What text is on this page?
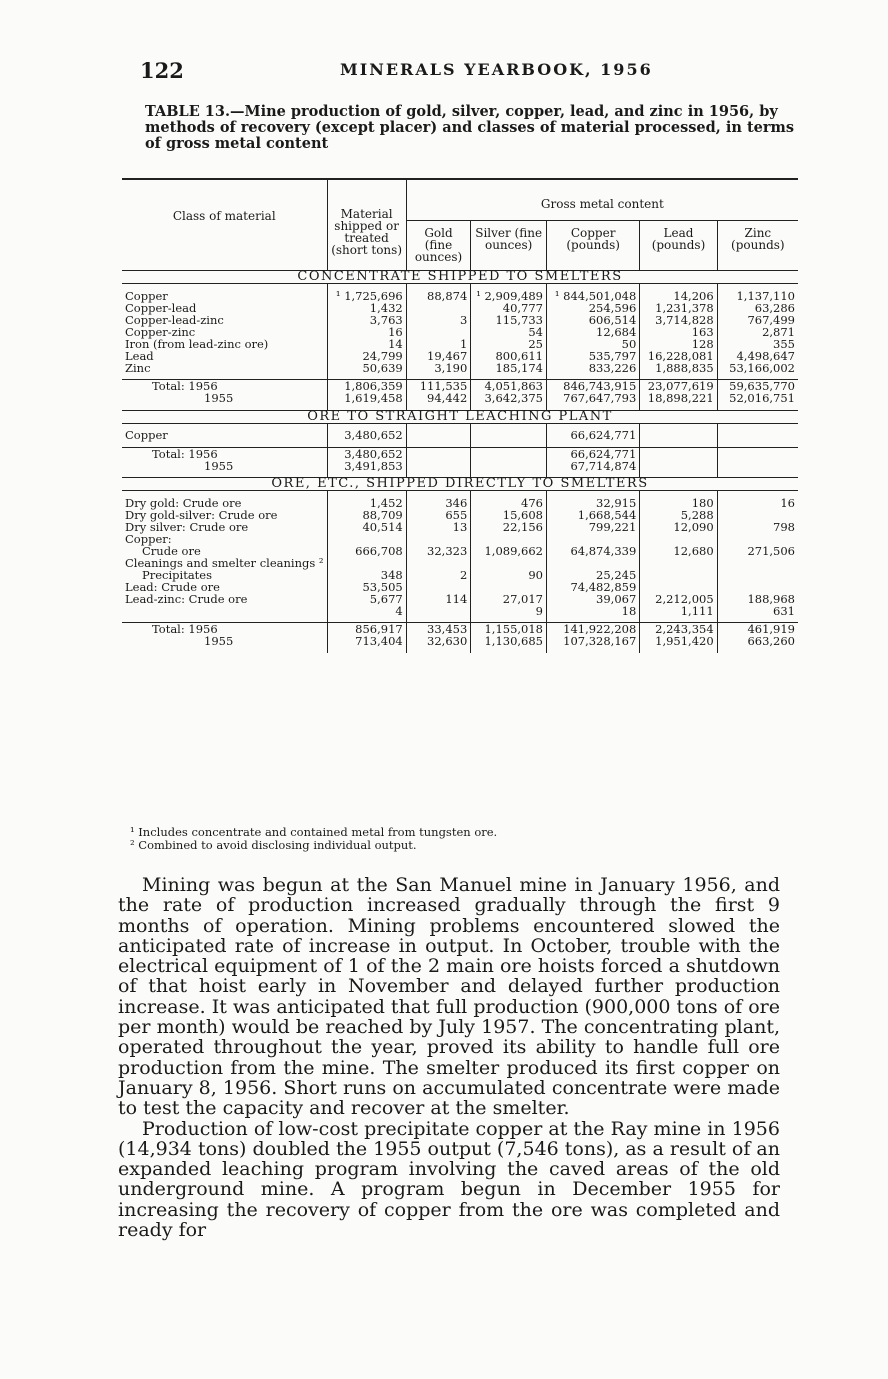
122	MINERALS YEARBOOK, 1956
TABLE 13.—Mine production of gold, silver, copper, lead, and zinc in 1956, by methods of recovery (except placer) and classes of material processed, in terms of gross metal content
Class of material	Material shipped or treated (short tons)	Gross metal content				
		Gold (fine ounces)	Silver (fine ounces)	Copper (pounds)	Lead (pounds)	Zinc (pounds)
CONCENTRATE SHIPPED TO SMELTERS						

Copper	¹ 1,725,696	88,874	¹ 2,909,489	¹ 844,501,048	14,206	1,137,110
Copper-lead	1,432		40,777	254,596	1,231,378	63,286
Copper-lead-zinc	3,763	3	115,733	606,514	3,714,828	767,499
Copper-zinc	16		54	12,684	163	2,871
Iron (from lead-zinc ore)	14	1	25	50	128	355
Lead	24,799	19,467	800,611	535,797	16,228,081	4,498,647
Zinc	50,639	3,190	185,174	833,226	1,888,835	53,166,002

Total: 1956	1,806,359	111,535	4,051,863	846,743,915	23,077,619	59,635,770
1955	1,619,458	94,442	3,642,375	767,647,793	18,898,221	52,016,751

ORE TO STRAIGHT LEACHING PLANT						

Copper	3,480,652			66,624,771		

Total: 1956	3,480,652			66,624,771		
1955	3,491,853			67,714,874		

ORE, ETC., SHIPPED DIRECTLY TO SMELTERS						

Dry gold: Crude ore	1,452	346	476	32,915	180	16
Dry gold-silver: Crude ore	88,709	655	15,608	1,668,544	5,288	
Dry silver: Crude ore	40,514	13	22,156	799,221	12,090	798
Copper:						
Crude ore	666,708	32,323	1,089,662	64,874,339	12,680	271,506
Cleanings and smelter cleanings ²						
Precipitates	348	2	90	25,245		
Lead: Crude ore	53,505			74,482,859		
Lead-zinc: Crude ore	5,677	114	27,017	39,067	2,212,005	188,968
	4		9	18	1,111	631

Total: 1956	856,917	33,453	1,155,018	141,922,208	2,243,354	461,919
1955	713,404	32,630	1,130,685	107,328,167	1,951,420	663,260

¹ Includes concentrate and contained metal from tungsten ore.
² Combined to avoid disclosing individual output.

Mining was begun at the San Manuel mine in January 1956, and the rate of production increased gradually through the first 9 months of operation. Mining problems encountered slowed the anticipated rate of increase in output. In October, trouble with the electrical equipment of 1 of the 2 main ore hoists forced a shutdown of that hoist early in November and delayed further production increase. It was anticipated that full production (900,000 tons of ore per month) would be reached by July 1957. The concentrating plant, operated throughout the year, proved its ability to handle full ore production from the mine. The smelter produced its first copper on January 8, 1956. Short runs on accumulated concentrate were made to test the capacity and recover at the smelter.

Production of low-cost precipitate copper at the Ray mine in 1956 (14,934 tons) doubled the 1955 output (7,546 tons), as a result of an expanded leaching program involving the caved areas of the old underground mine. A program begun in December 1955 for increasing the recovery of copper from the ore was completed and ready for
